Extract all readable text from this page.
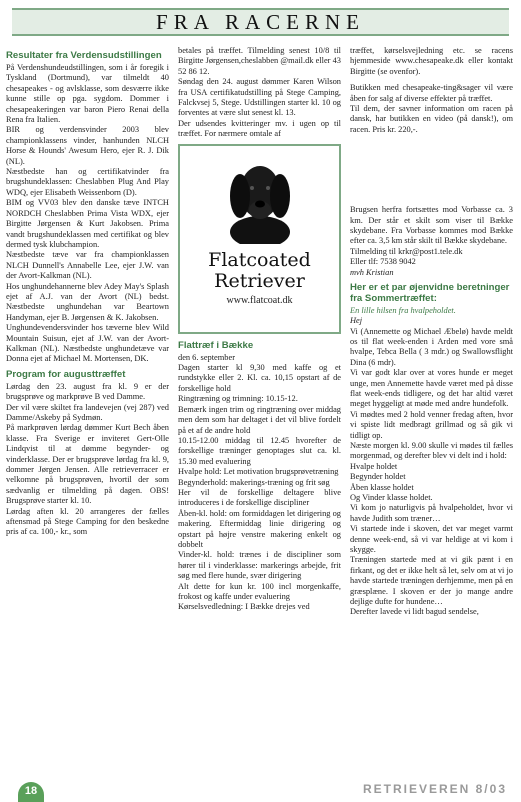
FRA RACERNE
Resultater fra Verdensudstillingen

På Verdenshundeudstillingen, som i år foregik i Tyskland (Dortmund), var tilmeldt 40 chesapeakes - og avlsklasse, som desværre ikke kunne stille op pga. sygdom. Dommer i chesapeakeringen var baron Piero Renai della Rena fra Italien.

BIR og verdensvinder 2003 blev championklassens vinder, hanhunden NLCH Horse & Hounds' Awesum Hero, ejer R. J. Dik (NL).

Næstbedste han og certifikatvinder fra brugshundeklassen: Cheslabben Plug And Play WDQ, ejer Elisabeth Weissenborn (D).

BIM og VV03 blev den danske tæve INTCH NORDCH Cheslabben Prima Vista WDX, ejer Birgitte Jørgensen & Kurt Jakobsen. Prima vandt brugshundeklassen med certifikat og blev dermed tysk klubchampion.

Næstbedste tæve var fra championklassen NLCH Dunnell's Annabelle Lee, ejer J.W. van der Avort-Kalkman (NL).

Hos unghundehannerne blev Adey May's Splash ejet af A.J. van der Avort (NL) bedst. Næstbedste unghundehan var Beartown Handyman, ejer B. Jørgensen & K. Jakobsen.

Unghundevendersvinder hos tæverne blev Wild Mountain Suisun, ejet af J.W. van der Avort-Kalkman (NL). Næstbedste unghundetæve var Donna ejet af Michael M. Mortensen, DK.

Program for augusttræffet

Lørdag den 23. august fra kl. 9 er der brugsprøve og markprøve B ved Damme.

Der vil være skiltet fra landevejen (vej 287) ved Damme/Askeby på Sydmøn.

På markprøven lørdag dømmer Kurt Bech åben klasse. Fra Sverige er inviteret Gert-Olle Lindqvist til at dømme begynder- og vinderklasse. Der er brugsprøve lørdag fra kl. 9, dommer Jørgen Jensen. Alle retrieverracer er velkomne på brugsprøven, hvortil der som sædvanlig er tilmelding på dagen. OBS! Brugsprøve starter kl. 10.

Lørdag aften kl. 20 arrangeres der fælles aftensmad på Stege Camping for den beskedne pris af ca. 100,- kr., som

betales på træffet. Tilmelding senest 10/8 til Birgitte Jørgensen,cheslabben @mail.dk eller 43 52 86 12.

Søndag den 24. august dømmer Karen Wilson fra USA certifikatudstilling på Stege Camping, Falckvsej 5, Stege. Udstillingen starter kl. 10 og forventes at være slut senest kl. 13.

Der udsendes kvitteringer mv. i ugen op til træffet. For nærmere omtale af

Flatcoated
Retriever
www.flatcoat.dk
Flattræf i Bække

den 6. september

Dagen starter kl 9,30 med kaffe og et rundstykke eller 2. Kl. ca. 10,15 opstart af de forskellige hold

Ringtræning og trimning: 10.15-12.

Bemærk ingen trim og ringtræning over middag men dem som har deltaget i det vil blive fordelt på et af de andre hold

10.15-12.00 middag til 12.45 hvorefter de forskellige træninger genoptages slut ca. kl. 15.30 med evaluering

Hvalpe hold: Let motivation brugsprøvetræning

Begynderhold: makerings-træning og frit søg

Her vil de forskellige deltagere blive introduceres i de forskellige discipliner

Åben-kl. hold: om formiddagen let dirigering og makering. Eftermiddag linie dirigering og opstart på højre venstre makering enkelt og dobbelt

Vinder-kl. hold: trænes i de discipliner som hører til i vinderklasse: markerings arbejde, frit søg med flere hunde, svær dirigering

Alt dette for kun kr. 100 incl morgenkaffe, frokost og kaffe under evaluering

Kørselsvedledning: I Bække drejes ved

træffet, kørselsvejledning etc. se racens hjemmeside www.chesapeake.dk eller kontakt Birgitte (se ovenfor).

Butikken med chesapeake-ting&sager vil være åben for salg af diverse effekter på træffet.

Til dem, der savner information om racen på dansk, har butikken en video (på dansk!), om racen. Pris kr. 220,-.

Brugsen herfra fortsættes mod Vorbasse ca. 3 km. Der står et skilt som viser til Bække skydebane. Fra Vorbasse kommes mod Bække efter ca. 3,5 km står skilt til Bække skydebane.

Tilmelding til krkr@post1.tele.dk

Eller tlf: 7538 9042

mvh Kristian

Her er et par øjenvidne beretninger fra Sommertræffet:

En lille hilsen fra hvalpeholdet.

Hej

Vi (Annemette og Michael Æbelø) havde meldt os til flat week-enden i Arden med vore små hvalpe, Tebca Bella ( 3 mdr.) og Swallowsflight Dina (6 mdr).

Vi var godt klar over at vores hunde er meget unge, men Annemette havde været med på disse flat week-ends tidligere, og det har altid været meget hyggeligt at møde med andre hundefolk.

Vi mødtes med 2 hold venner fredag aften, hvor vi spiste lidt medbragt grillmad og så gik vi tidligt op.

Næste morgen kl. 9.00 skulle vi mødes til fælles morgenmad, og derefter blev vi delt ind i hold:

Hvalpe holdet

Begynder holdet

Åben klasse holdet

Og Vinder klasse holdet.

Vi kom jo naturligvis på hvalpeholdet, hvor vi havde Judith som træner…

Vi startede inde i skoven, det var meget varmt denne week-end, så vi var heldige at vi kom i skygge.

Træningen startede med at vi gik pænt i en firkant, og det er ikke helt så let, selv om at vi jo havde startede træningen derhjemme, men på en græsplæne. I skoven er der jo mange andre dejlige dufte for hundene…

Derefter lavede vi lidt bagud sendelse,

18	RETRIEVEREN 8/03
